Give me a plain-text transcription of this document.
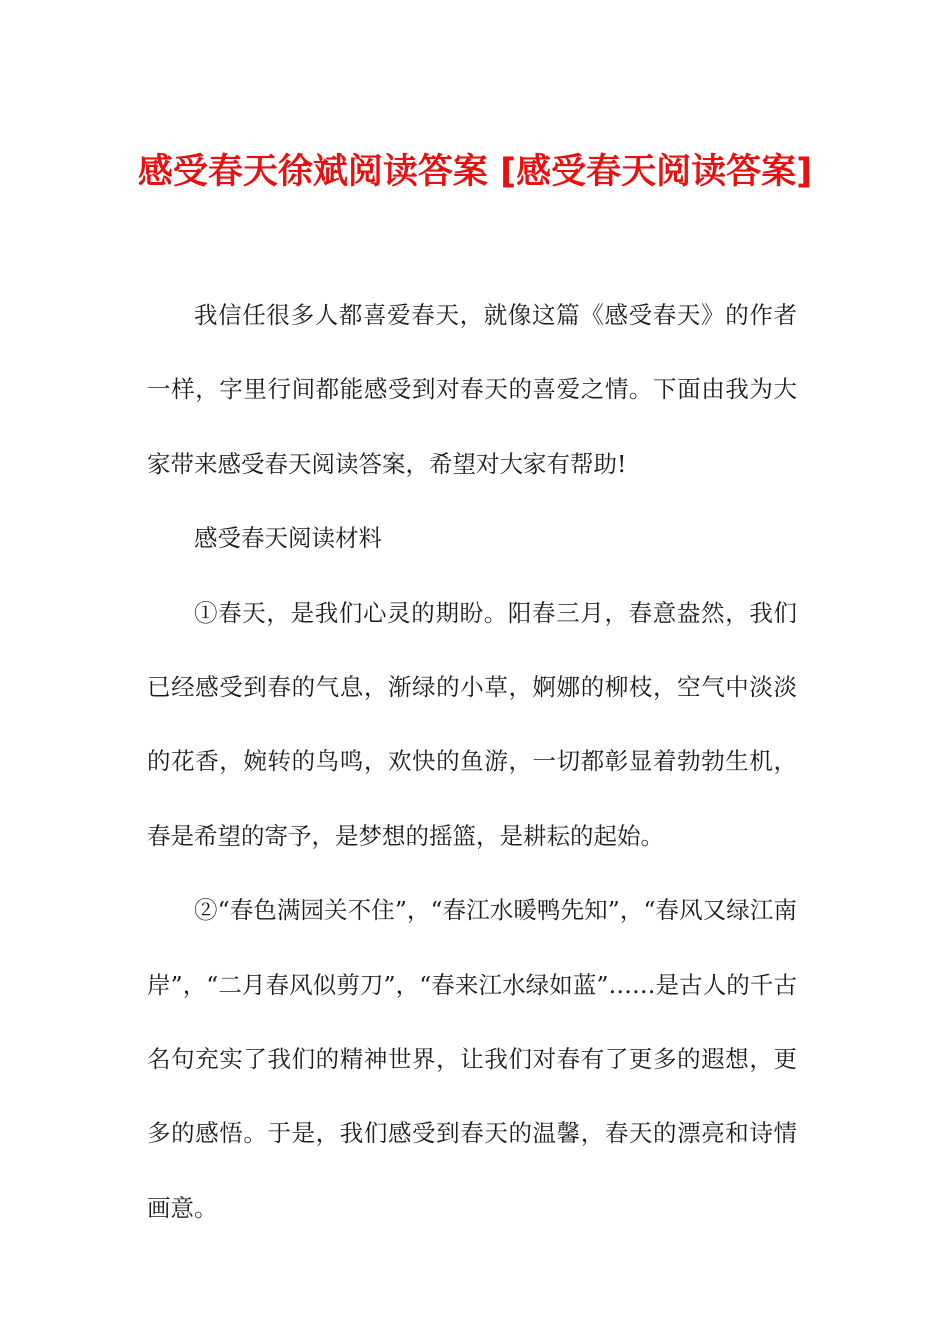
感受春天徐斌阅读答案 [感受春天阅读答案]

我信任很多人都喜爱春天，就像这篇《感受春天》的作者一样，字里行间都能感受到对春天的喜爱之情。下面由我为大家带来感受春天阅读答案，希望对大家有帮助!

感受春天阅读材料

①春天，是我们心灵的期盼。阳春三月，春意盎然，我们已经感受到春的气息，渐绿的小草，婀娜的柳枝，空气中淡淡的花香，婉转的鸟鸣，欢快的鱼游，一切都彰显着勃勃生机，春是希望的寄予，是梦想的摇篮，是耕耘的起始。

②“春色满园关不住”，“春江水暖鸭先知”，“春风又绿江南岸”，“二月春风似剪刀”，“春来江水绿如蓝”……是古人的千古名句充实了我们的精神世界，让我们对春有了更多的遐想，更多的感悟。于是，我们感受到春天的温馨，春天的漂亮和诗情画意。
